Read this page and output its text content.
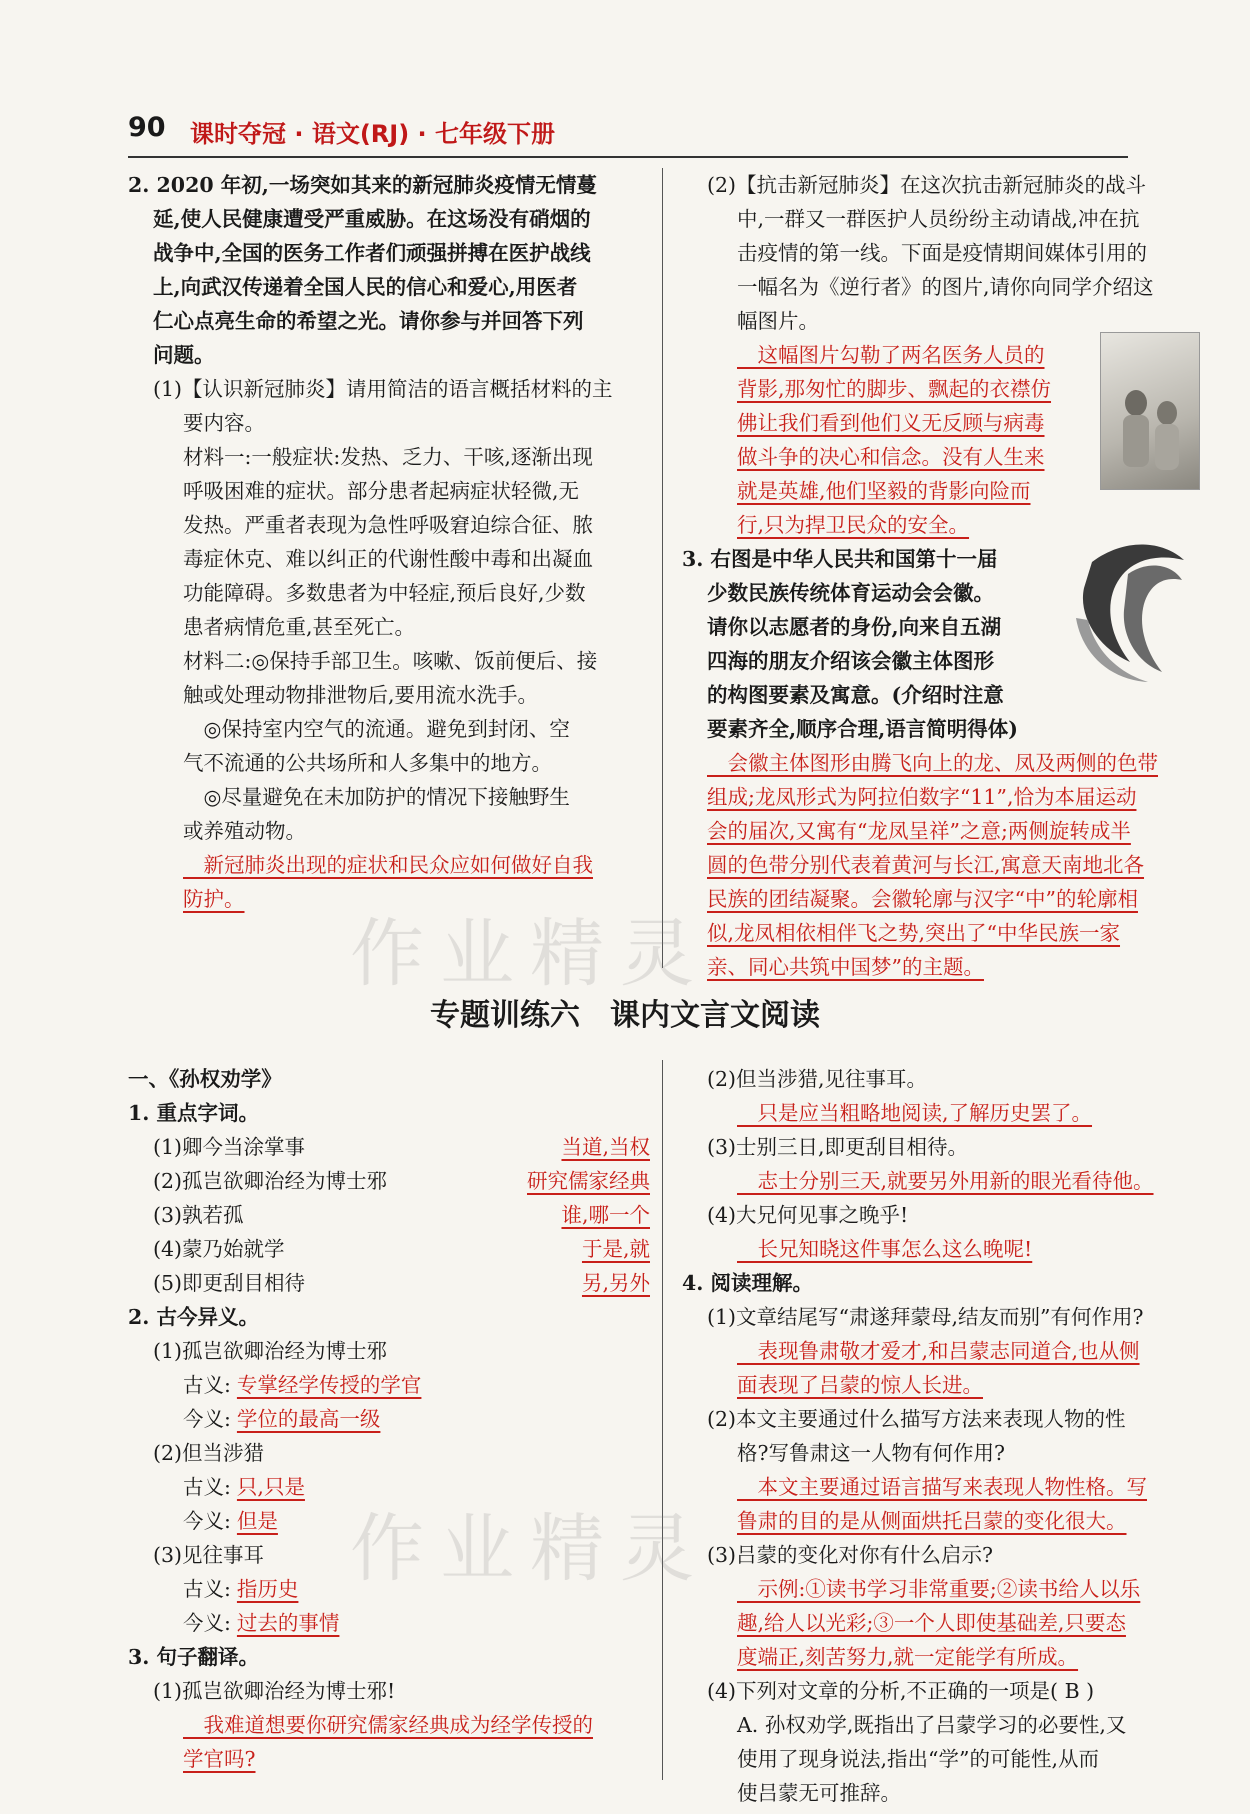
90 课时夺冠 · 语文(RJ) · 七年级下册
2. 2020 年初,一场突如其来的新冠肺炎疫情无情蔓
延,使人民健康遭受严重威胁。在这场没有硝烟的
战争中,全国的医务工作者们顽强拼搏在医护战线
上,向武汉传递着全国人民的信心和爱心,用医者
仁心点亮生命的希望之光。请你参与并回答下列
问题。
(1)【认识新冠肺炎】请用简洁的语言概括材料的主
要内容。
材料一:一般症状:发热、乏力、干咳,逐渐出现
呼吸困难的症状。部分患者起病症状轻微,无
发热。严重者表现为急性呼吸窘迫综合征、脓
毒症休克、难以纠正的代谢性酸中毒和出凝血
功能障碍。多数患者为中轻症,预后良好,少数
患者病情危重,甚至死亡。
材料二:◎保持手部卫生。咳嗽、饭前便后、接
触或处理动物排泄物后,要用流水洗手。
　◎保持室内空气的流通。避免到封闭、空
气不流通的公共场所和人多集中的地方。
　◎尽量避免在未加防护的情况下接触野生
或养殖动物。
　新冠肺炎出现的症状和民众应如何做好自我
防护。
(2)【抗击新冠肺炎】在这次抗击新冠肺炎的战斗
中,一群又一群医护人员纷纷主动请战,冲在抗
击疫情的第一线。下面是疫情期间媒体引用的
一幅名为《逆行者》的图片,请你向同学介绍这
幅图片。
　这幅图片勾勒了两名医务人员的
背影,那匆忙的脚步、飘起的衣襟仿
佛让我们看到他们义无反顾与病毒
做斗争的决心和信念。没有人生来
就是英雄,他们坚毅的背影向险而
行,只为捍卫民众的安全。
3. 右图是中华人民共和国第十一届
少数民族传统体育运动会会徽。
请你以志愿者的身份,向来自五湖
四海的朋友介绍该会徽主体图形
的构图要素及寓意。(介绍时注意
要素齐全,顺序合理,语言简明得体)
　会徽主体图形由腾飞向上的龙、凤及两侧的色带
组成;龙凤形式为阿拉伯数字“11”,恰为本届运动
会的届次,又寓有“龙凤呈祥”之意;两侧旋转成半
圆的色带分别代表着黄河与长江,寓意天南地北各
民族的团结凝聚。会徽轮廓与汉字“中”的轮廓相
似,龙凤相依相伴飞之势,突出了“中华民族一家
亲、同心共筑中国梦”的主题。
专题训练六　课内文言文阅读
一、《孙权劝学》
1. 重点字词。
(1)卿今当涂掌事	当道,当权
(2)孤岂欲卿治经为博士邪	研究儒家经典
(3)孰若孤	谁,哪一个
(4)蒙乃始就学	于是,就
(5)即更刮目相待	另,另外
2. 古今异义。
(1)孤岂欲卿治经为博士邪
古义: 专掌经学传授的学官
今义: 学位的最高一级
(2)但当涉猎
古义: 只,只是
今义: 但是
(3)见往事耳
古义: 指历史
今义: 过去的事情
3. 句子翻译。
(1)孤岂欲卿治经为博士邪!
　我难道想要你研究儒家经典成为经学传授的
学官吗?
(2)但当涉猎,见往事耳。
　只是应当粗略地阅读,了解历史罢了。
(3)士别三日,即更刮目相待。
　志士分别三天,就要另外用新的眼光看待他。
(4)大兄何见事之晚乎!
　长兄知晓这件事怎么这么晚呢!
4. 阅读理解。
(1)文章结尾写“肃遂拜蒙母,结友而别”有何作用?
　表现鲁肃敬才爱才,和吕蒙志同道合,也从侧
面表现了吕蒙的惊人长进。
(2)本文主要通过什么描写方法来表现人物的性
格?写鲁肃这一人物有何作用?
　本文主要通过语言描写来表现人物性格。写
鲁肃的目的是从侧面烘托吕蒙的变化很大。
(3)吕蒙的变化对你有什么启示?
　示例:①读书学习非常重要;②读书给人以乐
趣,给人以光彩;③一个人即使基础差,只要态
度端正,刻苦努力,就一定能学有所成。
(4)下列对文章的分析,不正确的一项是( B )
A. 孙权劝学,既指出了吕蒙学习的必要性,又
使用了现身说法,指出“学”的可能性,从而
使吕蒙无可推辞。
作业精灵
作业精灵
